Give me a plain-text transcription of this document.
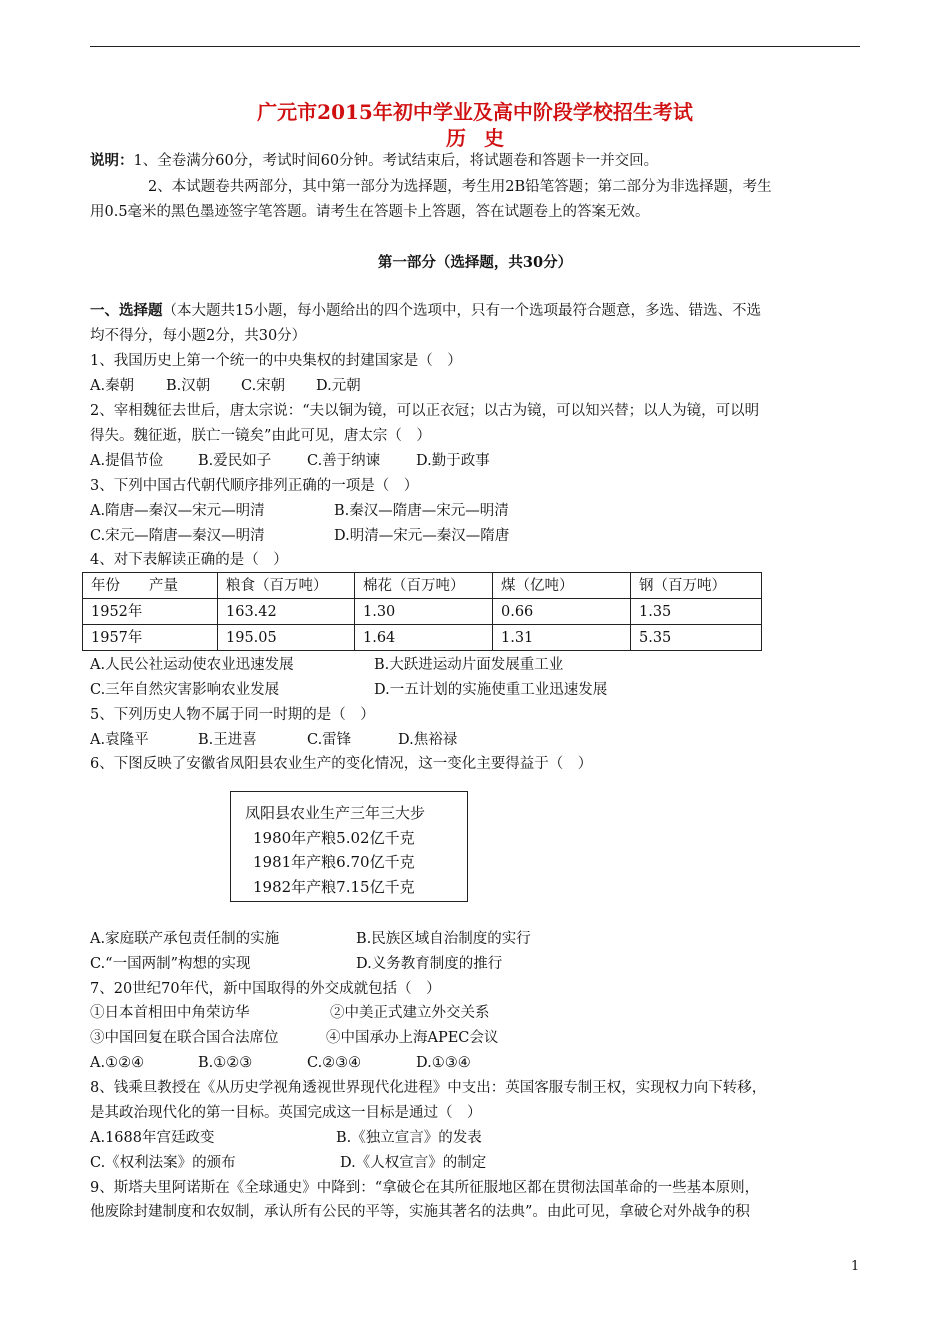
广元市2015年初中学业及高中阶段学校招生考试
历史
说明：1、全卷满分60分，考试时间60分钟。考试结束后，将试题卷和答题卡一并交回。
2、本试题卷共两部分，其中第一部分为选择题，考生用2B铅笔答题；第二部分为非选择题，考生
用0.5毫米的黑色墨迹签字笔答题。请考生在答题卡上答题，答在试题卷上的答案无效。
第一部分（选择题，共30分）
一、选择题（本大题共15小题，每小题给出的四个选项中，只有一个选项最符合题意，多选、错选、不选
均不得分，每小题2分，共30分）
1、我国历史上第一个统一的中央集权的封建国家是（　）
A.秦朝	B.汉朝	C.宋朝	D.元朝
2、宰相魏征去世后，唐太宗说：“夫以铜为镜，可以正衣冠；以古为镜，可以知兴替；以人为镜，可以明
得失。魏征逝，朕亡一镜矣”由此可见，唐太宗（　）
A.提倡节俭	B.爱民如子	C.善于纳谏	D.勤于政事
3、下列中国古代朝代顺序排列正确的一项是（　）
A.隋唐—秦汉—宋元—明清	B.秦汉—隋唐—宋元—明清
C.宋元—隋唐—秦汉—明清	D.明清—宋元—秦汉—隋唐
4、对下表解读正确的是（　）
年份　　产量	粮食（百万吨）	棉花（百万吨）	煤（亿吨）	钢（百万吨）
1952年	163.42	1.30	0.66	1.35
1957年	195.05	1.64	1.31	5.35
A.人民公社运动使农业迅速发展	B.大跃进运动片面发展重工业
C.三年自然灾害影响农业发展	D.一五计划的实施使重工业迅速发展
5、下列历史人物不属于同一时期的是（　）
A.袁隆平	B.王进喜	C.雷锋	D.焦裕禄
6、下图反映了安徽省凤阳县农业生产的变化情况，这一变化主要得益于（　）
凤阳县农业生产三年三大步
1980年产粮5.02亿千克
1981年产粮6.70亿千克
1982年产粮7.15亿千克
A.家庭联产承包责任制的实施	B.民族区域自治制度的实行
C.“一国两制”构想的实现	D.义务教育制度的推行
7、20世纪70年代，新中国取得的外交成就包括（　）
①日本首相田中角荣访华	②中美正式建立外交关系
③中国回复在联合国合法席位	④中国承办上海APEC会议
A.①②④	B.①②③	C.②③④	D.①③④
8、钱乘旦教授在《从历史学视角透视世界现代化进程》中支出：英国客服专制王权，实现权力向下转移，
是其政治现代化的第一目标。英国完成这一目标是通过（　）
A.1688年宫廷政变	B.《独立宣言》的发表
C.《权利法案》的颁布	D.《人权宣言》的制定
9、斯塔夫里阿诺斯在《全球通史》中降到：“拿破仑在其所征服地区都在贯彻法国革命的一些基本原则，
他废除封建制度和农奴制，承认所有公民的平等，实施其著名的法典”。由此可见，拿破仑对外战争的积
1
